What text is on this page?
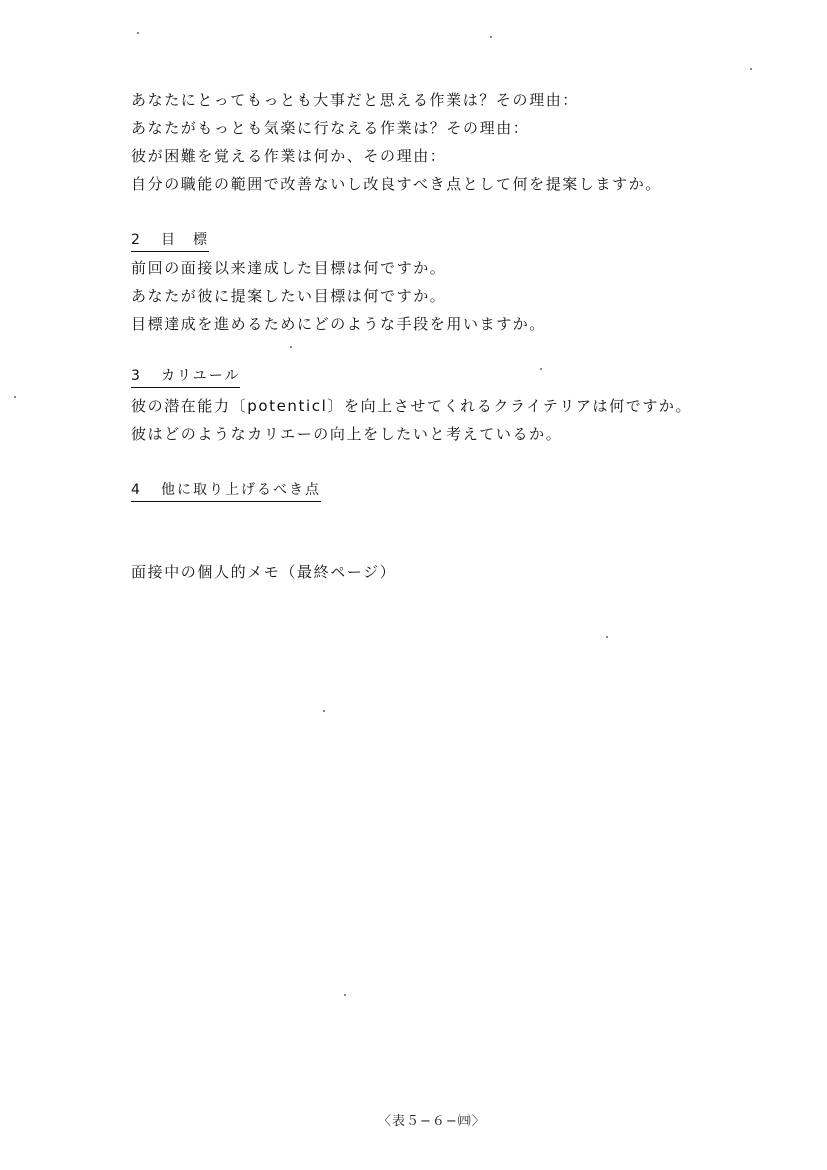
あなたにとってもっとも大事だと思える作業は？その理由：
あなたがもっとも気楽に行なえる作業は？その理由：
彼が困難を覚える作業は何か、その理由：
自分の職能の範囲で改善ないし改良すべき点として何を提案しますか。
2 目　標
前回の面接以来達成した目標は何ですか。
あなたが彼に提案したい目標は何ですか。
目標達成を進めるためにどのような手段を用いますか。
3 カリユール
彼の潜在能力〔potenticl〕を向上させてくれるクライテリアは何ですか。
彼はどのようなカリエーの向上をしたいと考えているか。
4 他に取り上げるべき点
面接中の個人的メモ（最終ページ）
〈表５−６−㈣〉
